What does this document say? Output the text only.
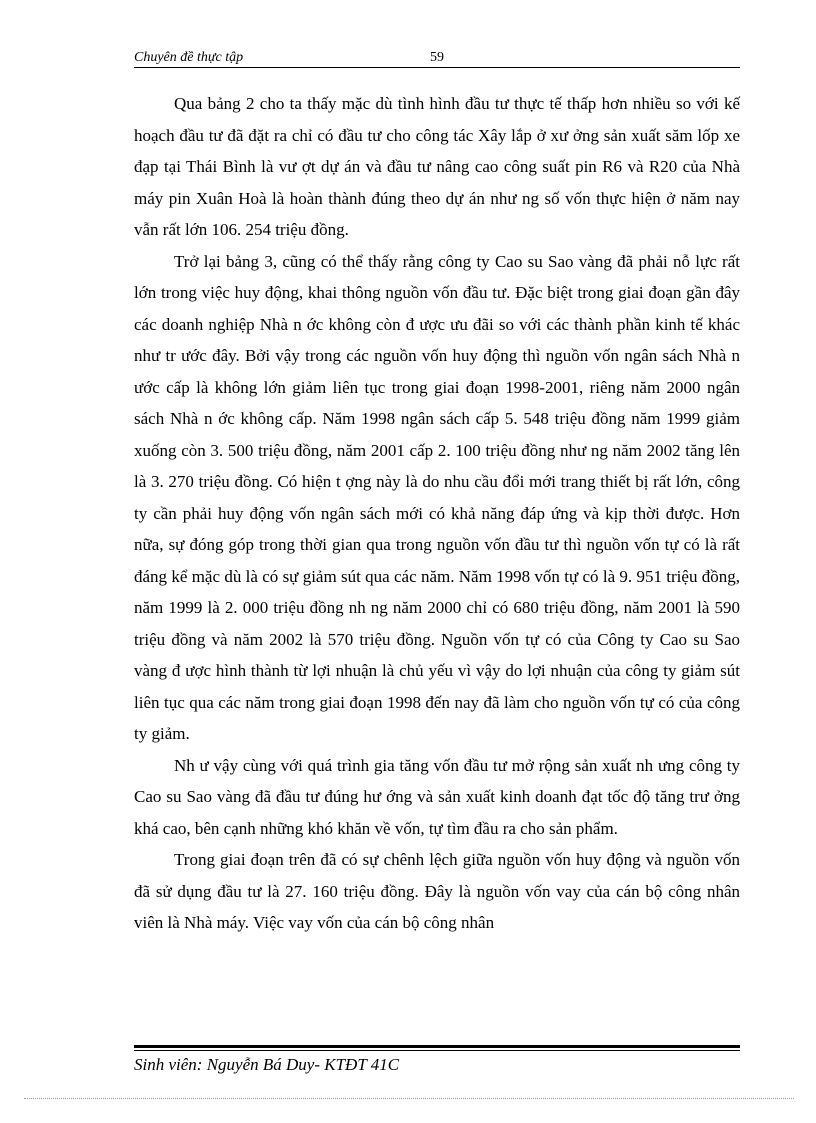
Chuyên đề thực tập	59

Qua bảng 2 cho ta thấy mặc dù tình hình đầu tư thực tế thấp hơn nhiều so với kế hoạch đầu tư đã đặt ra chỉ có đầu tư cho công tác Xây lắp ở xư ởng sản xuất săm lốp xe đạp tại Thái Bình là vư ợt dự án và đầu tư nâng cao công suất pin R6 và R20 của Nhà máy pin Xuân Hoà là hoàn thành đúng theo dự án như ng số vốn thực hiện ở năm nay vẫn rất lớn 106. 254 triệu đồng.

Trở lại bảng 3, cũng có thể thấy rằng công ty Cao su Sao vàng đã phải nỗ lực rất lớn trong việc huy động, khai thông nguồn vốn đầu tư. Đặc biệt trong giai đoạn gần đây các doanh nghiệp Nhà n ớc không còn đ ược ưu đãi so với các thành phần kinh tế khác như tr ước đây. Bởi vậy trong các nguồn vốn huy động thì nguồn vốn ngân sách Nhà n ước cấp là không lớn giảm liên tục trong giai đoạn 1998-2001, riêng năm 2000 ngân sách Nhà n ớc không cấp. Năm 1998 ngân sách cấp 5. 548 triệu đồng năm 1999 giảm xuống còn 3. 500 triệu đồng, năm 2001 cấp 2. 100 triệu đồng như ng năm 2002 tăng lên là 3. 270 triệu đồng. Có hiện t ợng này là do nhu cầu đổi mới trang thiết bị rất lớn, công ty cần phải huy động vốn ngân sách mới có khả năng đáp ứng và kịp thời được. Hơn nữa, sự đóng góp trong thời gian qua trong nguồn vốn đầu tư thì nguồn vốn tự có là rất đáng kể mặc dù là có sự giảm sút qua các năm. Năm 1998 vốn tự có là 9. 951 triệu đồng, năm 1999 là 2. 000 triệu đồng nh ng năm 2000 chỉ có 680 triệu đồng, năm 2001 là 590 triệu đồng và năm 2002 là 570 triệu đồng. Nguồn vốn tự có của Công ty Cao su Sao vàng đ ược hình thành từ lợi nhuận là chủ yếu vì vậy do lợi nhuận của công ty giảm sút liên tục qua các năm trong giai đoạn 1998 đến nay đã làm cho nguồn vốn tự có của công ty giảm.

Nh ư vậy cùng với quá trình gia tăng vốn đầu tư mở rộng sản xuất nh ưng công ty Cao su Sao vàng đã đầu tư đúng hư ớng và sản xuất kinh doanh đạt tốc độ tăng trư ởng khá cao, bên cạnh những khó khăn về vốn, tự tìm đầu ra cho sản phẩm.

Trong giai đoạn trên đã có sự chênh lệch giữa nguồn vốn huy động và nguồn vốn đã sử dụng đầu tư là 27. 160 triệu đồng. Đây là nguồn vốn vay của cán bộ công nhân viên là Nhà máy. Việc vay vốn của cán bộ công nhân

Sinh viên: Nguyễn Bá Duy- KTĐT 41C
